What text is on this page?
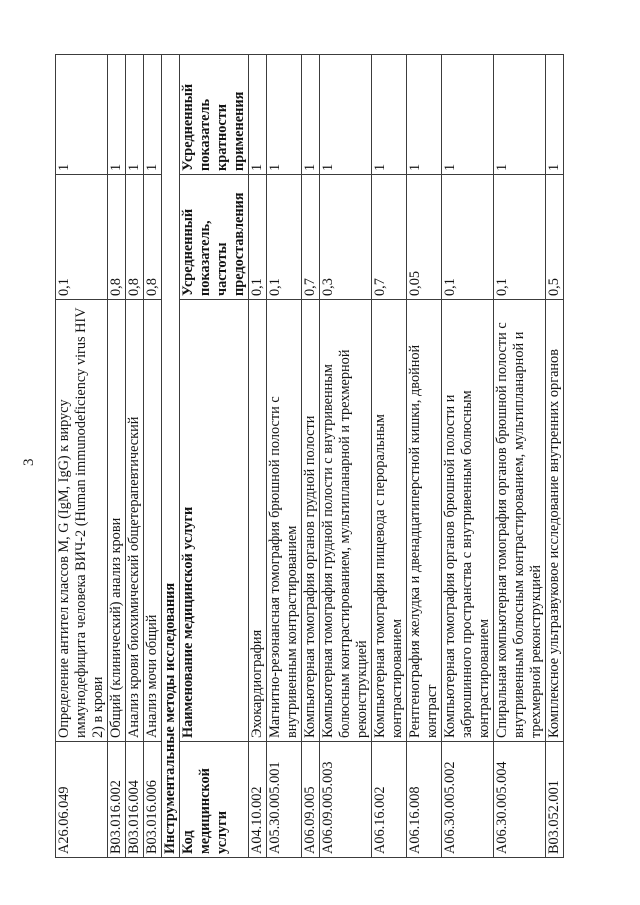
3
A26.06.049	Определение антител классов M, G (IgM, IgG) к вирусу иммунодефицита человека ВИЧ-2 (Human immunodeficiency virus HIV 2) в крови	0,1	1

B03.016.002	Общий (клинический) анализ крови	0,8	1

B03.016.004	Анализ крови биохимический общетерапевтический	0,8	1

B03.016.006	Анализ мочи общий	0,8	1

Инструментальные методы исследования			

Код медицинской услуги	Наименование медицинской услуги	Усредненный показатель, частоты предоставления	Усредненный показатель кратности применения

A04.10.002	Эхокардиография	0,1	1

A05.30.005.001	Магнитно-резонансная томография брюшной полости с внутривенным контрастированием	0,1	1

A06.09.005	Компьютерная томография органов грудной полости	0,7	1

A06.09.005.003	Компьютерная томография грудной полости с внутривенным болюсным контрастированием, мультипланарной и трехмерной реконструкцией	0,3	1

A06.16.002	Компьютерная томография пищевода с пероральным контрастированием	0,7	1

A06.16.008	Рентгенография желудка и двенадцатиперстной кишки, двойной контраст	0,05	1

A06.30.005.002	Компьютерная томография органов брюшной полости и забрюшинного пространства с внутривенным болюсным контрастированием	0,1	1

A06.30.005.004	Спиральная компьютерная томография органов брюшной полости с внутривенным болюсным контрастированием, мультипланарной и трехмерной реконструкцией	0,1	1

B03.052.001	Комплексное ультразвуковое исследование внутренних органов	0,5	1
